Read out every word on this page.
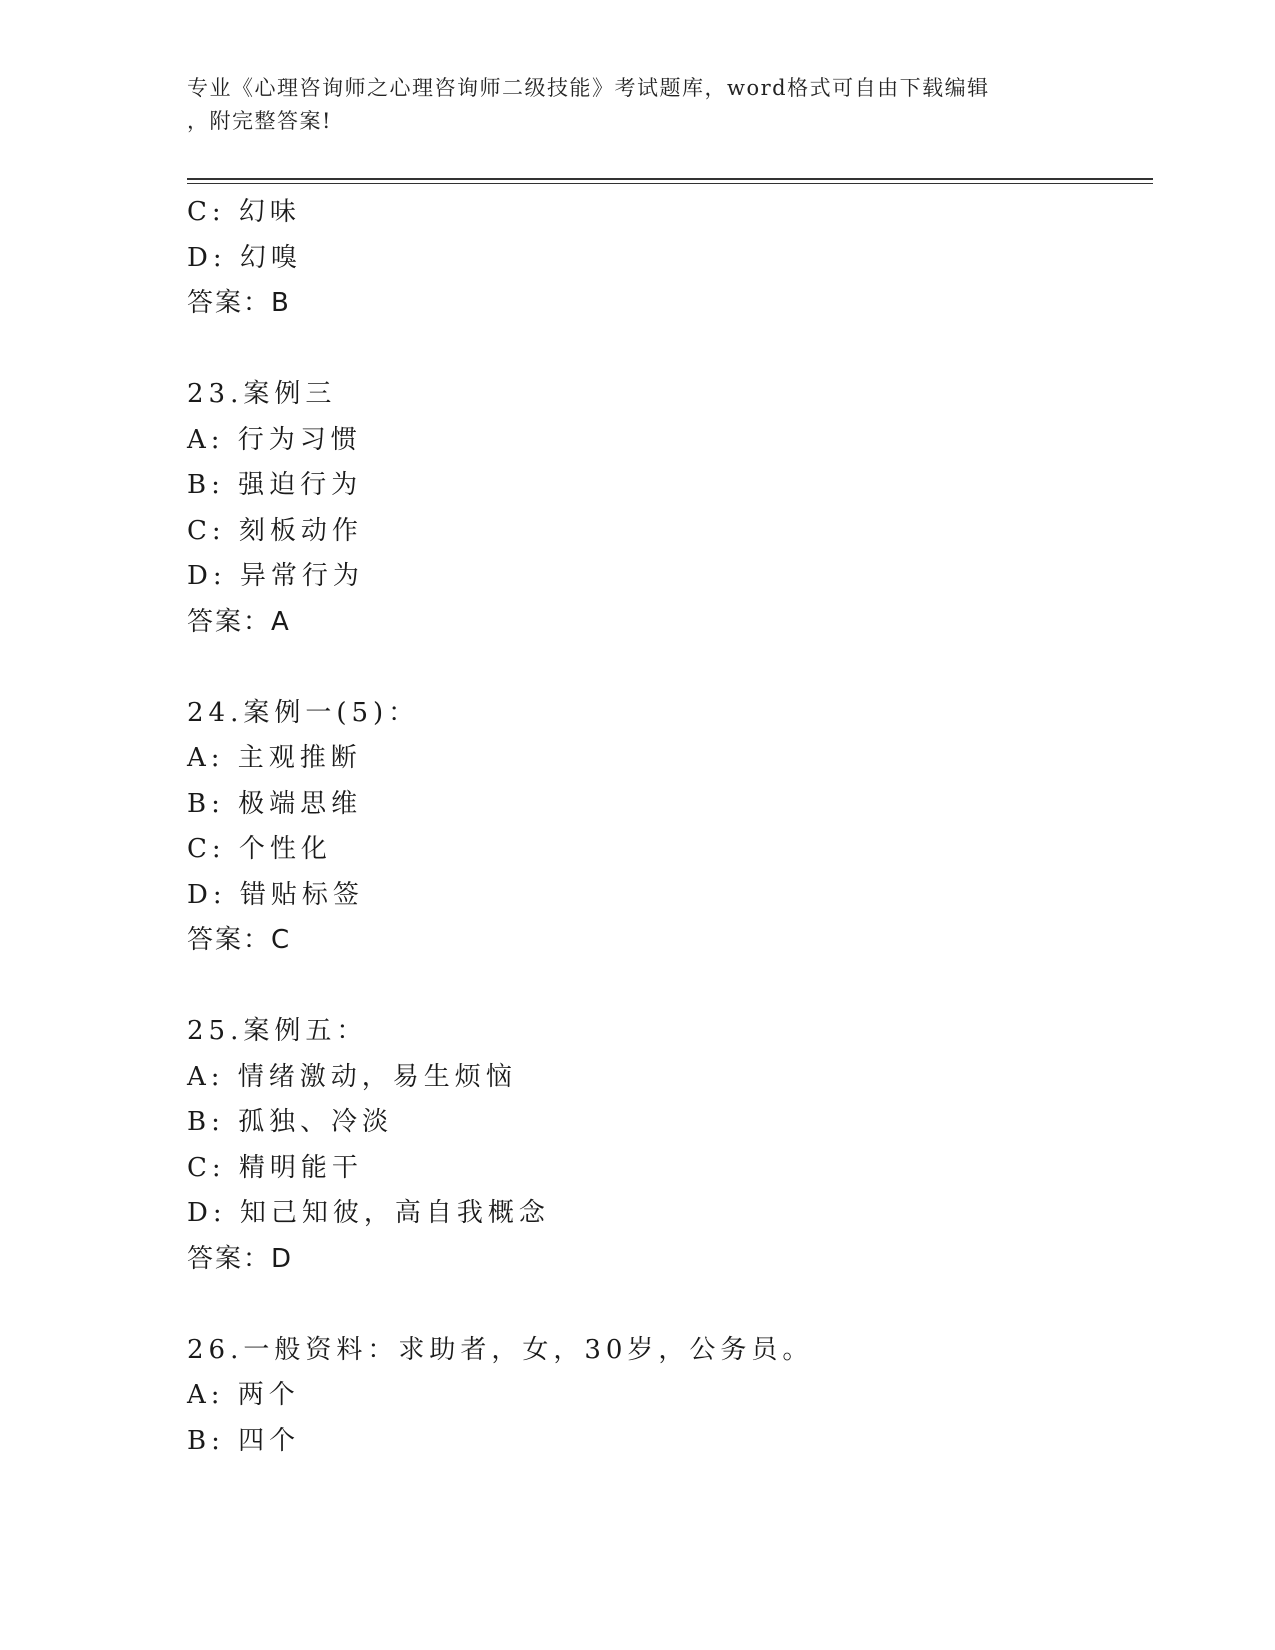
专业《心理咨询师之心理咨询师二级技能》考试题库，word格式可自由下载编辑
，附完整答案!
C: 幻味
D: 幻嗅
答案：B
23.案例三
A: 行为习惯
B: 强迫行为
C: 刻板动作
D: 异常行为
答案：A
24.案例一(5)：
A: 主观推断
B: 极端思维
C: 个性化
D: 错贴标签
答案：C
25.案例五：
A: 情绪激动，易生烦恼
B: 孤独、冷淡
C: 精明能干
D: 知己知彼，高自我概念
答案：D
26.一般资料：求助者，女，30岁，公务员。
A: 两个
B: 四个
